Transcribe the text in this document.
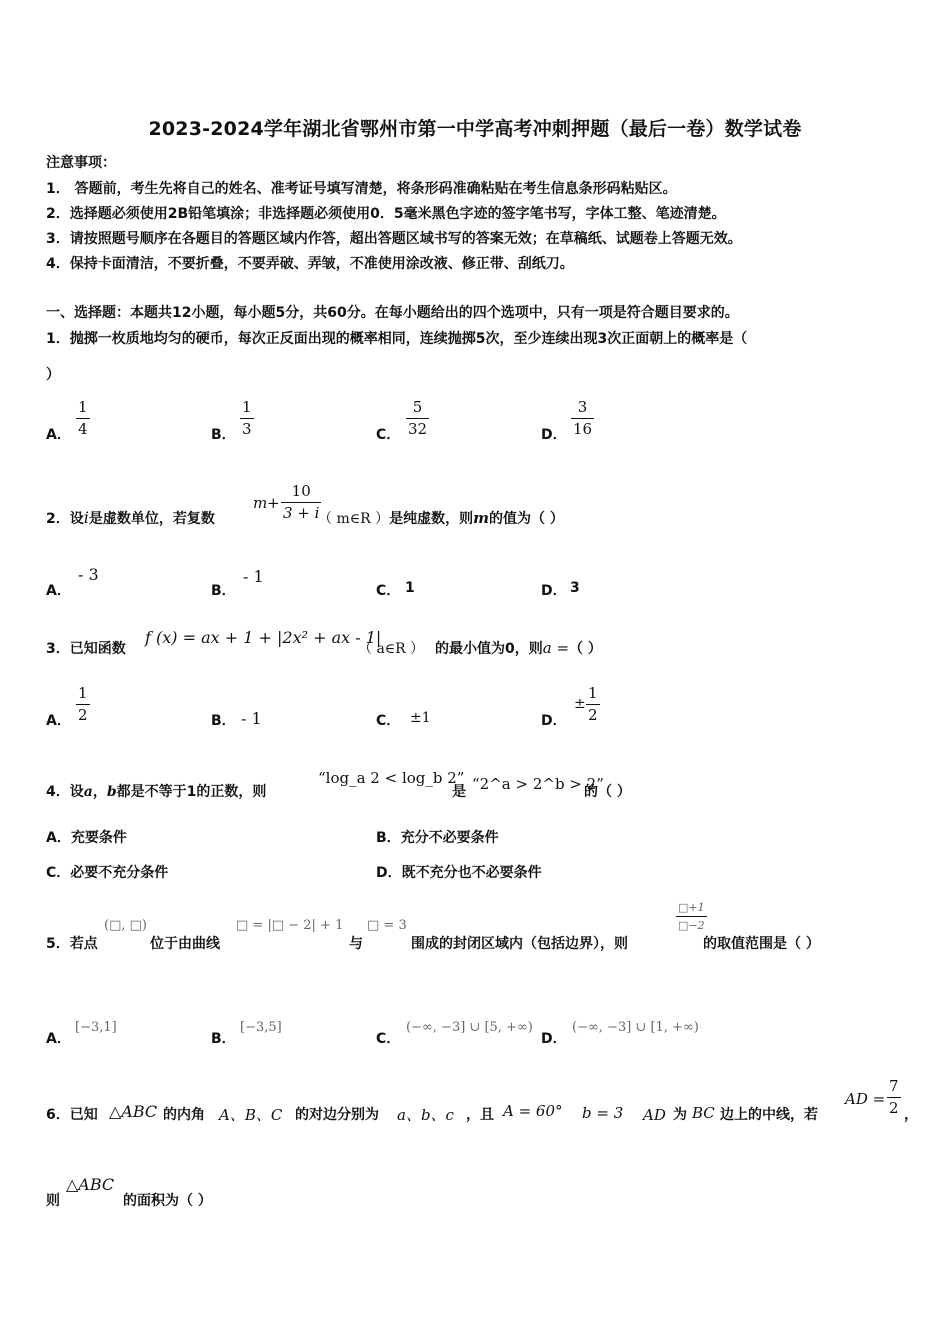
2023-2024学年湖北省鄂州市第一中学高考冲刺押题（最后一卷）数学试卷
注意事项：
1． 答题前，考生先将自己的姓名、准考证号填写清楚，将条形码准确粘贴在考生信息条形码粘贴区。
2．选择题必须使用2B铅笔填涂；非选择题必须使用0．5毫米黑色字迹的签字笔书写，字体工整、笔迹清楚。
3．请按照题号顺序在各题目的答题区域内作答，超出答题区域书写的答案无效；在草稿纸、试题卷上答题无效。
4．保持卡面清洁，不要折叠，不要弄破、弄皱，不准使用涂改液、修正带、刮纸刀。
一、选择题：本题共12小题，每小题5分，共60分。在每小题给出的四个选项中，只有一项是符合题目要求的。
1．抛掷一枚质地均匀的硬币，每次正反面出现的概率相同，连续抛掷5次，至少连续出现3次正面朝上的概率是（
）
A．
1
4	B．
1
3	C．
5
32	D．
3
16
2．设i是虚数单位，若复数
m +
10
3 + i
（ m∈R ）是纯虚数，则m的值为（ ）
A．
- 3
B．
- 1
C． 1	D． 3
3．已知函数
f (x) = ax + 1 + |2x² + ax - 1|
（ a∈R ） 的最小值为0，则a =（ ）
A．
1
2	B． - 1	C． ±1	D．
±
1
2
4．设a，b都是不等于1的正数，则
“log_a 2 < log_b 2”
是 “2^a > 2^b > 2”
的（ ）
A．充要条件	B．充分不必要条件
C．必要不充分条件	D．既不充分也不必要条件
5．若点
(□, □)
位于由曲线
□ = |□ − 2| + 1
与
□ = 3
围成的封闭区域内（包括边界），则
□+1
□−2
的取值范围是（ ）
A．
[−3,1]
B．
[−3,5]
C．
(−∞, −3] ∪ [5, +∞)
D．
(−∞, −3] ∪ [1, +∞)
6．已知 △ABC 的内角 A、B、C 的对边分别为 a、b、c ，且 A = 60° b = 3 AD 为 BC 边上的中线，若
AD =
7
2 ，
则
△ABC
的面积为（ ）
